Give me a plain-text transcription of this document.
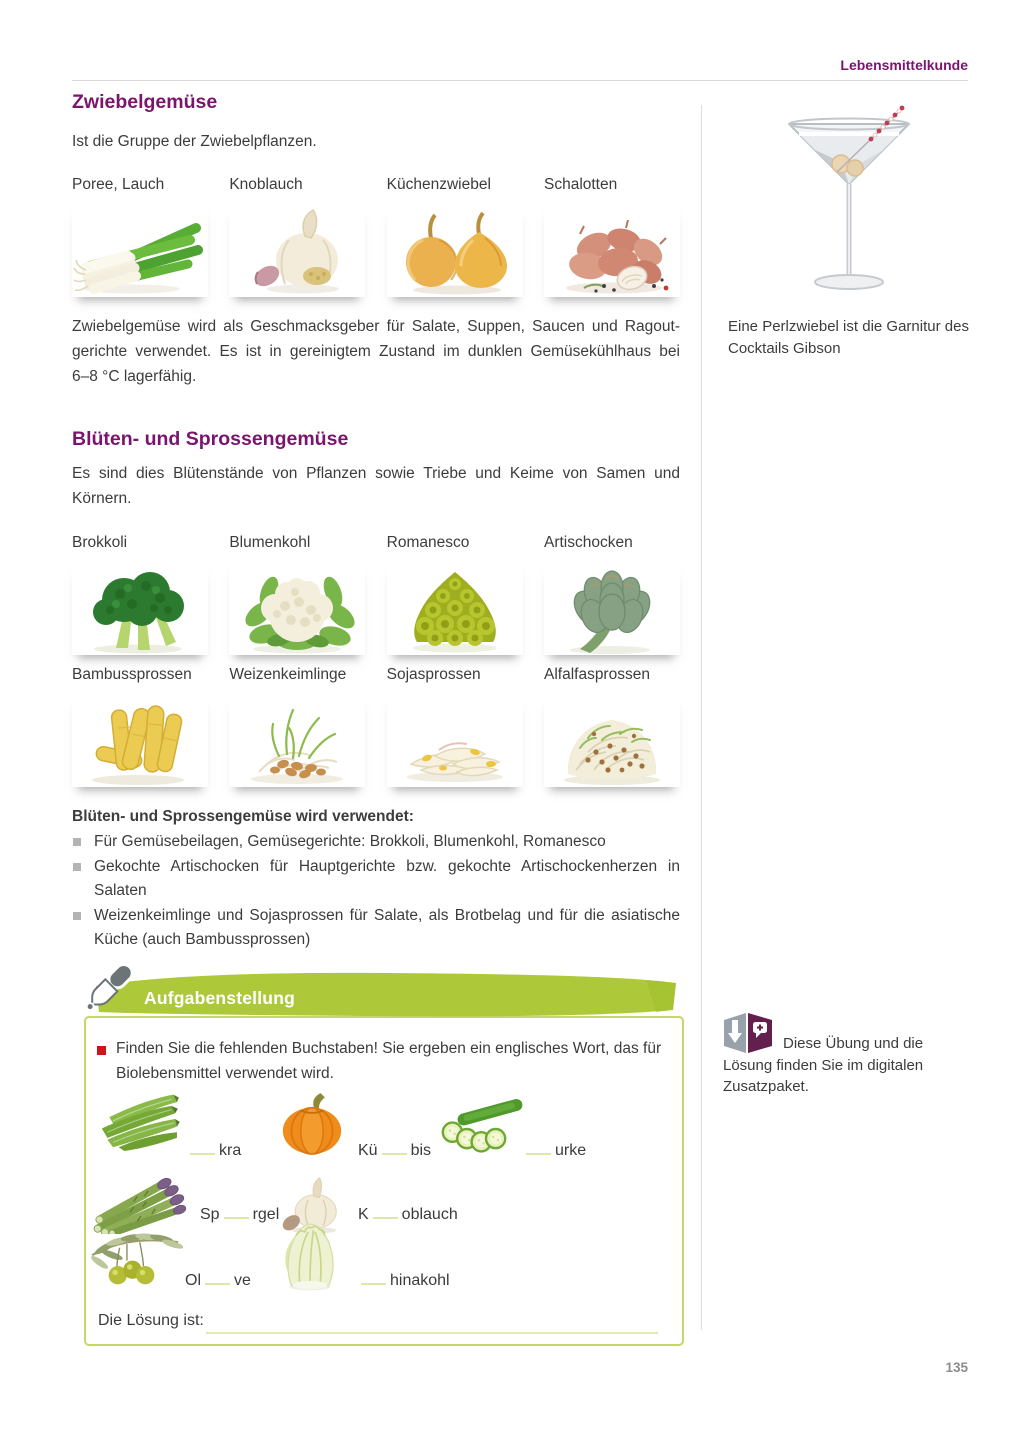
Lebensmittelkunde
Zwiebelgemüse
Ist die Gruppe der Zwiebelpflanzen.
Poree, Lauch	Knoblauch	Küchenzwiebel	Schalotten
Zwiebelgemüse wird als Geschmacksgeber für Salate, Suppen, Saucen und Ragout-
gerichte verwendet. Es ist in gereinigtem Zustand im dunklen Gemüsekühlhaus bei
6–8 °C lagerfähig.
Blüten- und Sprossengemüse
Es sind dies Blütenstände von Pflanzen sowie Triebe und Keime von Samen und
Körnern.
Brokkoli	Blumenkohl	Romanesco	Artischocken
Bambussprossen	Weizenkeimlinge	Sojasprossen	Alfalfasprossen
Blüten- und Sprossengemüse wird verwendet:
Für Gemüsebeilagen, Gemüsegerichte: Brokkoli, Blumenkohl, Romanesco
Gekochte Artischocken für Hauptgerichte bzw. gekochte Artischockenherzen in Salaten
Weizenkeimlinge und Sojasprossen für Salate, als Brotbelag und für die asiatische Küche (auch Bambussprossen)
Aufgabenstellung
Finden Sie die fehlenden Buchstaben! Sie ergeben ein englisches Wort, das für Biolebensmittel verwendet wird.
kra	Kü bis	urke
Sp rgel	K oblauch
Ol ve	hinakohl
Die Lösung ist:
Eine Perlzwiebel ist die Garnitur des Cocktails Gibson
Diese Übung und die Lösung finden Sie im digitalen Zusatzpaket.
135
